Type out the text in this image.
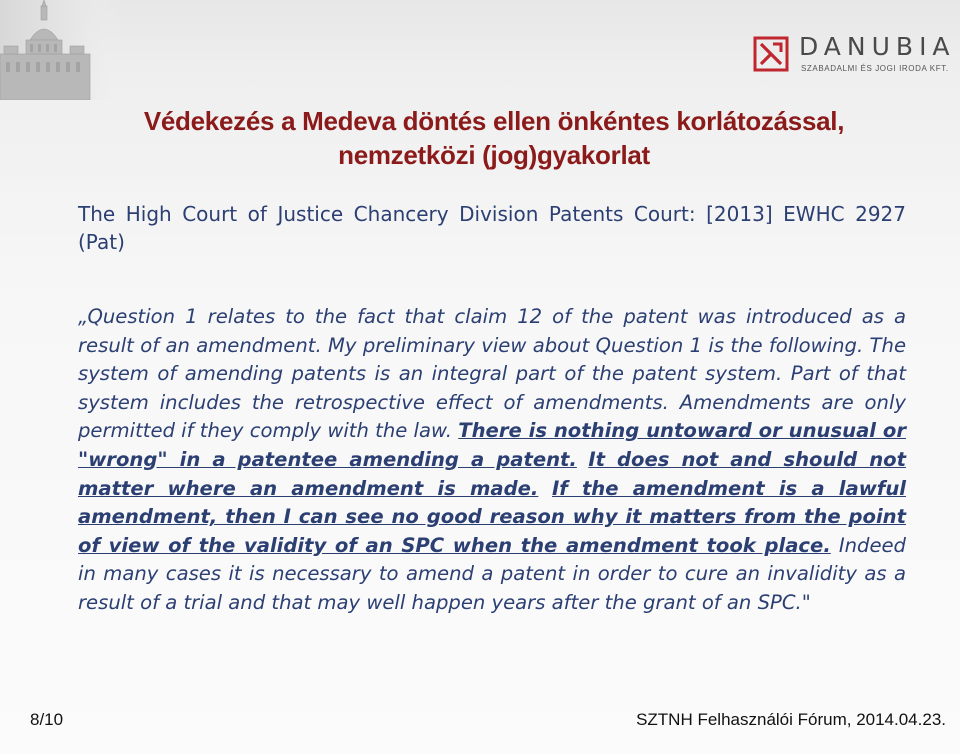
DANUBIA
SZABADALMI ÉS JOGI IRODA KFT.
Védekezés a Medeva döntés ellen önkéntes korlátozással,
nemzetközi (jog)gyakorlat
The High Court of Justice Chancery Division Patents Court: [2013] EWHC 2927 (Pat)
„Question 1 relates to the fact that claim 12 of the patent was introduced as a result of an amendment. My preliminary view about Question 1 is the following. The system of amending patents is an integral part of the patent system. Part of that system includes the retrospective effect of amendments. Amendments are only permitted if they comply with the law. There is nothing untoward or unusual or "wrong" in a patentee amending a patent. It does not and should not matter where an amendment is made. If the amendment is a lawful amendment, then I can see no good reason why it matters from the point of view of the validity of an SPC when the amendment took place. Indeed in many cases it is necessary to amend a patent in order to cure an invalidity as a result of a trial and that may well happen years after the grant of an SPC."
8/10	SZTNH Felhasználói Fórum, 2014.04.23.
